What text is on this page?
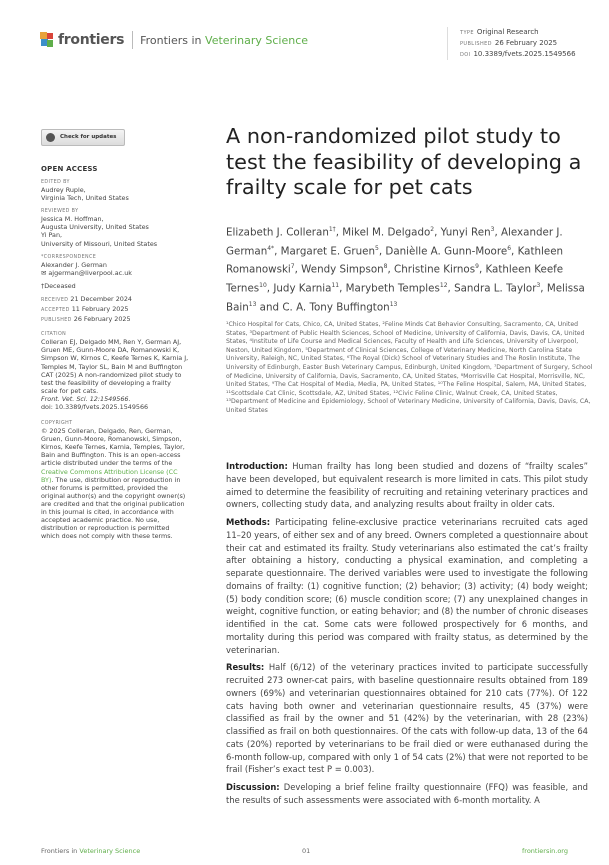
frontiers Frontiers in Veterinary Science
TYPE Original Research
PUBLISHED 26 February 2025
DOI 10.3389/fvets.2025.1549566
Check for updates
OPEN ACCESS
EDITED BY

Audrey Ruple,

Virginia Tech, United States

REVIEWED BY

Jessica M. Hoffman,

Augusta University, United States

Yi Pan,

University of Missouri, United States

*CORRESPONDENCE

Alexander J. German

✉ ajgerman@liverpool.ac.uk

†Deceased

RECEIVED 21 December 2024

ACCEPTED 11 February 2025

PUBLISHED 26 February 2025

CITATION

Colleran EJ, Delgado MM, Ren Y, German AJ, Gruen ME, Gunn-Moore DA, Romanowski K, Simpson W, Kirnos C, Keefe Ternes K, Karnia J, Temples M, Taylor SL, Bain M and Buffington CAT (2025) A non-randomized pilot study to test the feasibility of developing a frailty scale for pet cats.

Front. Vet. Sci. 12:1549566.

doi: 10.3389/fvets.2025.1549566

COPYRIGHT

© 2025 Colleran, Delgado, Ren, German, Gruen, Gunn-Moore, Romanowski, Simpson, Kirnos, Keefe Ternes, Karnia, Temples, Taylor, Bain and Buffington. This is an open-access article distributed under the terms of the Creative Commons Attribution License (CC BY). The use, distribution or reproduction in other forums is permitted, provided the original author(s) and the copyright owner(s) are credited and that the original publication in this journal is cited, in accordance with accepted academic practice. No use, distribution or reproduction is permitted which does not comply with these terms.

A non-randomized pilot study to test the feasibility of developing a frailty scale for pet cats
Elizabeth J. Colleran$^{1\dagger}$, Mikel M. Delgado$^2$, Yunyi Ren$^3$, Alexander J. German$^{4*}$, Margaret E. Gruen$^5$, Danièlle A. Gunn-Moore$^6$, Kathleen Romanowski$^7$, Wendy Simpson$^8$, Christine Kirnos$^9$, Kathleen Keefe Ternes$^{10}$, Judy Karnia$^{11}$, Marybeth Temples$^{12}$, Sandra L. Taylor$^3$, Melissa Bain$^{13}$ and C. A. Tony Buffington$^{13}$
¹Chico Hospital for Cats, Chico, CA, United States, ²Feline Minds Cat Behavior Consulting, Sacramento, CA, United States, ³Department of Public Health Sciences, School of Medicine, University of California, Davis, Davis, CA, United States, ⁴Institute of Life Course and Medical Sciences, Faculty of Health and Life Sciences, University of Liverpool, Neston, United Kingdom, ⁵Department of Clinical Sciences, College of Veterinary Medicine, North Carolina State University, Raleigh, NC, United States, ⁶The Royal (Dick) School of Veterinary Studies and The Roslin Institute, The University of Edinburgh, Easter Bush Veterinary Campus, Edinburgh, United Kingdom, ⁷Department of Surgery, School of Medicine, University of California, Davis, Sacramento, CA, United States, ⁸Morrisville Cat Hospital, Morrisville, NC, United States, ⁹The Cat Hospital of Media, Media, PA, United States, ¹⁰The Feline Hospital, Salem, MA, United States, ¹¹Scottsdale Cat Clinic, Scottsdale, AZ, United States, ¹²Civic Feline Clinic, Walnut Creek, CA, United States, ¹³Department of Medicine and Epidemiology, School of Veterinary Medicine, University of California, Davis, Davis, CA, United States

Introduction: Human frailty has long been studied and dozens of “frailty scales” have been developed, but equivalent research is more limited in cats. This pilot study aimed to determine the feasibility of recruiting and retaining veterinary practices and owners, collecting study data, and analyzing results about frailty in older cats.

Methods: Participating feline-exclusive practice veterinarians recruited cats aged 11–20 years, of either sex and of any breed. Owners completed a questionnaire about their cat and estimated its frailty. Study veterinarians also estimated the cat’s frailty after obtaining a history, conducting a physical examination, and completing a separate questionnaire. The derived variables were used to investigate the following domains of frailty: (1) cognitive function; (2) behavior; (3) activity; (4) body weight; (5) body condition score; (6) muscle condition score; (7) any unexplained changes in weight, cognitive function, or eating behavior; and (8) the number of chronic diseases identified in the cat. Some cats were followed prospectively for 6 months, and mortality during this period was compared with frailty status, as determined by the veterinarian.

Results: Half (6/12) of the veterinary practices invited to participate successfully recruited 273 owner-cat pairs, with baseline questionnaire results obtained from 189 owners (69%) and veterinarian questionnaires obtained for 210 cats (77%). Of 122 cats having both owner and veterinarian questionnaire results, 45 (37%) were classified as frail by the owner and 51 (42%) by the veterinarian, with 28 (23%) classified as frail on both questionnaires. Of the cats with follow-up data, 13 of the 64 cats (20%) reported by veterinarians to be frail died or were euthanased during the 6-month follow-up, compared with only 1 of 54 cats (2%) that were not reported to be frail (Fisher’s exact test P = 0.003).

Discussion: Developing a brief feline frailty questionnaire (FFQ) was feasible, and the results of such assessments were associated with 6-month mortality. A

Frontiers in Veterinary Science	01	frontiersin.org
